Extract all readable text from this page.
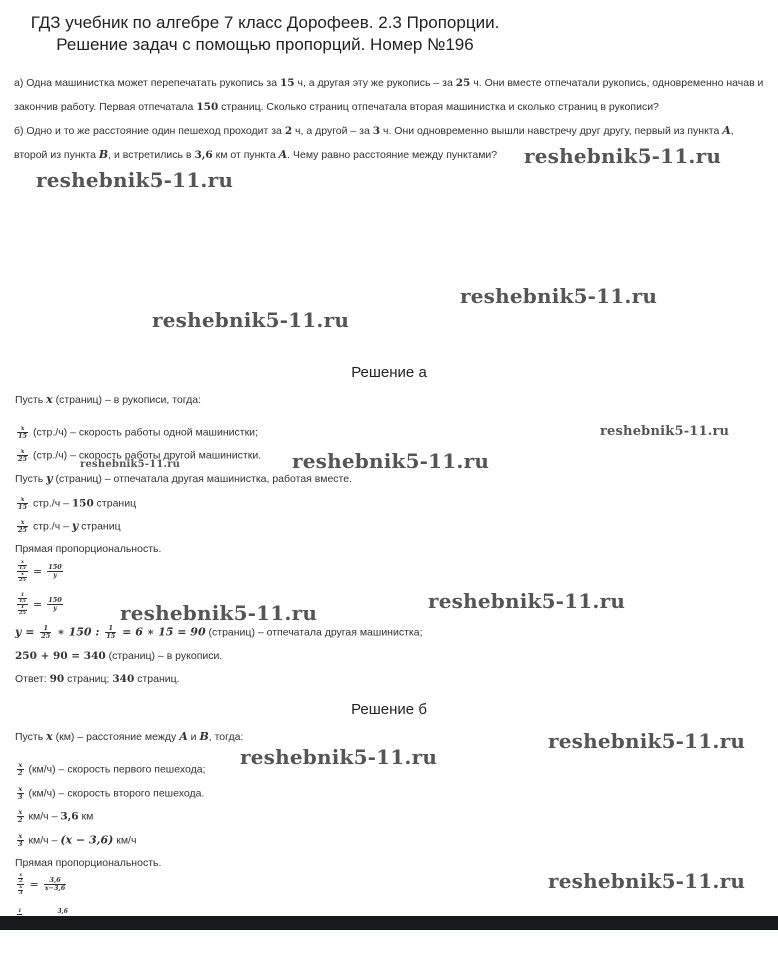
ГДЗ учебник по алгебре 7 класс Дорофеев. 2.3 Пропорции.
Решение задач с помощью пропорций. Номер №196
а) Одна машинистка может перепечатать рукопись за 15 ч, а другая эту же рукопись – за 25 ч. Они вместе отпечатали рукопись, одновременно начав и закончив работу. Первая отпечатала 150 страниц. Сколько страниц отпечатала вторая машинистка и сколько страниц в рукописи?
б) Одно и то же расстояние один пешеход проходит за 2 ч, а другой – за 3 ч. Они одновременно вышли навстречу друг другу, первый из пункта A, второй из пункта B, и встретились в 3,6 км от пункта A. Чему равно расстояние между пунктами?	reshebnik5-11.ru
reshebnik5-11.ru
reshebnik5-11.ru
reshebnik5-11.ru
reshebnik5-11.ru
reshebnik5-11.ru
reshebnik5-11.ru
reshebnik5-11.ru
reshebnik5-11.ru
reshebnik5-11.ru
reshebnik5-11.ru
reshebnik5-11.ru
Решение а
Пусть x (страниц) – в рукописи, тогда:
$\frac{x}{15} (стр./ч)$ – скорость работы одной машинистки;
$\frac{x}{25} (стр./ч)$ – скорость работы другой машинистки.
Пусть y (страниц) – отпечатала другая машинистка, работая вместе.
$\frac{x}{15} стр./ч - 150$ страниц
$\frac{x}{25} стр./ч$ – y страниц
Прямая пропорциональность.
$\frac{\frac{x}{15}}{\frac{x}{25}} = \frac{150}{y}$
$\frac{\frac{1}{15}}{\frac{1}{25}} = \frac{150}{y}$
$y = \frac{1}{25}$ ∗ 150 : $\frac{1}{15} = 6$ ∗ 15 = 90 (страниц) – отпечатала другая машинистка;
250 + 90 = 340 (страниц) – в рукописи.
Ответ: 90 страниц; 340 страниц.
Решение б
Пусть x (км) – расстояние между A и B, тогда:
$\frac{x}{2} (км/ч)$ – скорость первого пешехода;
$\frac{x}{3} (км/ч)$ – скорость второго пешехода.
$\frac{x}{2} км/ч - 3,6$ км
$\frac{x}{3} км/ч - (x - 3,6)$ км/ч
Прямая пропорциональность.
$\frac{\frac{x}{2}}{\frac{x}{3}} = \frac{3,6}{x-3,6}$
1	3,6
